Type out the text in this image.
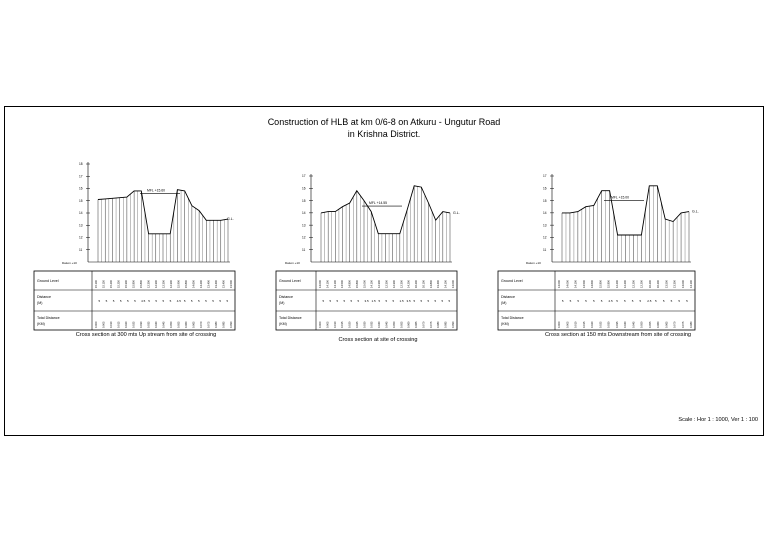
Construction of HLB at km 0/6-8 on Atkuru - Ungutur Road
in Krishna District.
18
17
16
15
14
13
12
11
Datum +10
MFL +15.60
G.L.
Ground Level
Distance
(M)
Total Distance
(KM)
15.100
0.000
15.150
0.005
15.200
0.010
15.250
0.015
15.300
0.020
15.800
0.025
15.800
0.030
12.300
0.035
12.300
0.040
12.300
0.045
12.300
0.050
15.900
0.055
15.800
0.060
14.600
0.065
14.200
0.070
13.400
0.075
13.400
0.080
13.400
0.085
13.500
0.090
5 5 5 5 5 5 4.5 5 5 5 5 4.5 5 5 5 5 5 5 5
17
16
15
14
13
12
11
Datum +10
MFL +14.55
G.L.
Ground Level
Distance
(M)
Total Distance
(KM)
14.000
0.000
14.100
0.005
14.100
0.010
14.500
0.015
14.800
0.020
15.800
0.025
15.000
0.030
14.100
0.035
12.300
0.040
12.300
0.045
12.300
0.050
12.300
0.055
14.200
0.060
16.200
0.065
16.100
0.070
14.800
0.075
13.400
0.080
14.100
0.085
14.000
0.090
5 5 5 5 5 5 3.5 1.5 5 5 5 1.5 3.5 5 5 5 5 5 5
17
16
15
14
13
12
11
Datum +10
MFL +15.00
G.L.
Ground Level
Distance
(M)
Total Distance
(KM)
14.000
0.000
14.000
0.005
14.100
0.010
14.500
0.015
14.600
0.020
15.800
0.025
15.800
0.030
12.200
0.035
12.200
0.040
12.200
0.045
12.200
0.050
16.200
0.055
16.200
0.060
13.500
0.065
13.300
0.070
14.000
0.075
14.100
0.080
5 5 5 5 5 5 2.5 5 5 5 5 2.5 5 5 5 5 5
Cross section at 300 mts Up stream from site of crossing
Cross section at site of crossing
Cross section at 150 mts Downstream from site of crossing
Scale : Hor 1 : 1000, Ver 1 : 100
